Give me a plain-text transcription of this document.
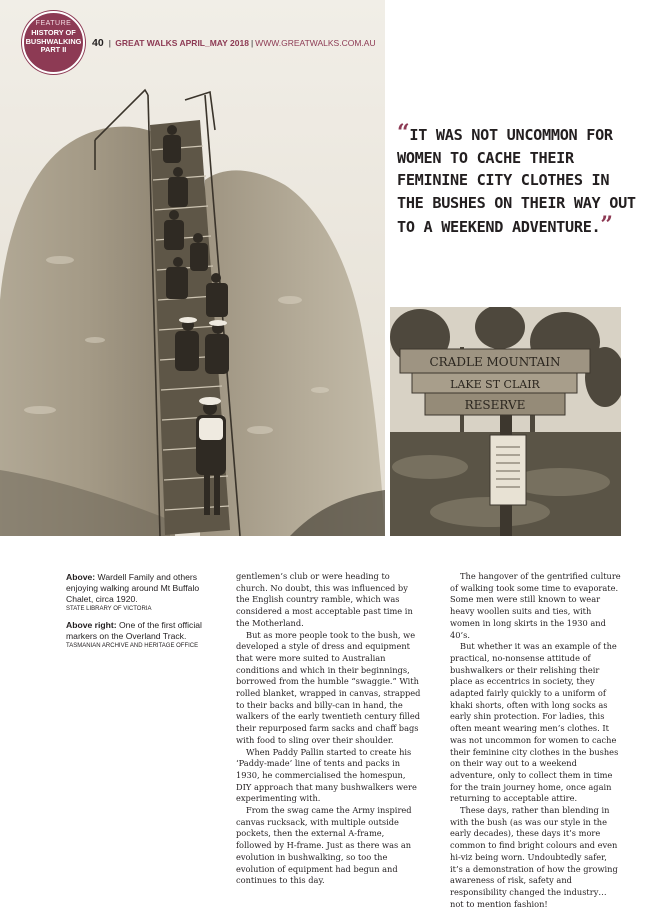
FEATURE
HISTORY OF BUSHWALKING PART II
40 | GREAT WALKS APRIL_MAY 2018 | WWW.GREATWALKS.COM.AU
“IT WAS NOT UNCOMMON FOR WOMEN TO CACHE THEIR FEMININE CITY CLOTHES IN THE BUSHES ON THEIR WAY OUT TO A WEEKEND ADVENTURE.”
CRADLE MOUNTAIN
LAKE ST CLAIR
RESERVE
Above: Wardell Family and others enjoying walking around Mt Buffalo Chalet, circa 1920.
STATE LIBRARY OF VICTORIA
Above right: One of the first official markers on the Overland Track.
TASMANIAN ARCHIVE AND HERITAGE OFFICE

gentlemen’s club or were heading to church. No doubt, this was influenced by the English country ramble, which was considered a most acceptable past time in the Motherland.

But as more people took to the bush, we developed a style of dress and equipment that were more suited to Australian conditions and which in their beginnings, borrowed from the humble “swaggie.” With rolled blanket, wrapped in canvas, strapped to their backs and billy-can in hand, the walkers of the early twentieth century filled their repurposed farm sacks and chaff bags with food to sling over their shoulder.

When Paddy Pallin started to create his ‘Paddy-made’ line of tents and packs in 1930, he commercialised the homespun, DIY approach that many bushwalkers were experimenting with.

From the swag came the Army inspired canvas rucksack, with multiple outside pockets, then the external A-frame, followed by H-frame. Just as there was an evolution in bushwalking, so too the evolution of equipment had begun and continues to this day.

The hangover of the gentrified culture of walking took some time to evaporate. Some men were still known to wear heavy woollen suits and ties, with women in long skirts in the 1930 and 40’s.

But whether it was an example of the practical, no-nonsense attitude of bushwalkers or their relishing their place as eccentrics in society, they adapted fairly quickly to a uniform of khaki shorts, often with long socks as early shin protection. For ladies, this often meant wearing men’s clothes. It was not uncommon for women to cache their feminine city clothes in the bushes on their way out to a weekend adventure, only to collect them in time for the train journey home, once again returning to acceptable attire.

These days, rather than blending in with the bush (as was our style in the early decades), these days it’s more common to find bright colours and even hi-viz being worn. Undoubtedly safer, it’s a demonstration of how the growing awareness of risk, safety and responsibility changed the industry… not to mention fashion!
